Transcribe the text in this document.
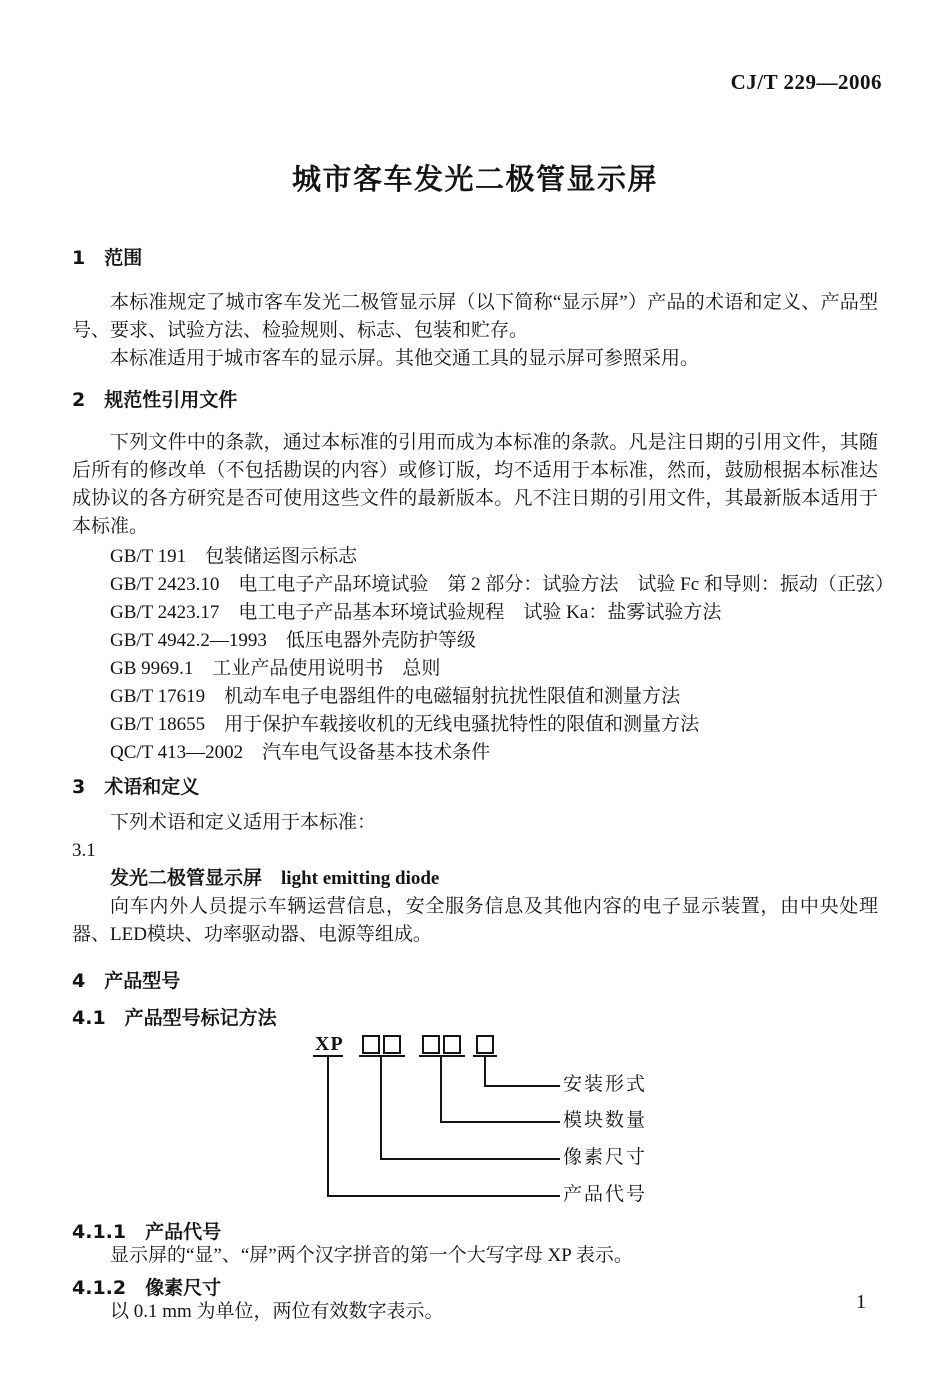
CJ/T 229—2006
城市客车发光二极管显示屏
1　范围

本标准规定了城市客车发光二极管显示屏（以下简称“显示屏”）产品的术语和定义、产品型号、要求、试验方法、检验规则、标志、包装和贮存。

本标准适用于城市客车的显示屏。其他交通工具的显示屏可参照采用。

2　规范性引用文件

下列文件中的条款，通过本标准的引用而成为本标准的条款。凡是注日期的引用文件，其随后所有的修改单（不包括勘误的内容）或修订版，均不适用于本标准，然而，鼓励根据本标准达成协议的各方研究是否可使用这些文件的最新版本。凡不注日期的引用文件，其最新版本适用于本标准。

GB/T 191　包装储运图示标志
GB/T 2423.10　电工电子产品环境试验　第 2 部分：试验方法　试验 Fc 和导则：振动（正弦）
GB/T 2423.17　电工电子产品基本环境试验规程　试验 Ka：盐雾试验方法
GB/T 4942.2—1993　低压电器外壳防护等级
GB 9969.1　工业产品使用说明书　总则
GB/T 17619　机动车电子电器组件的电磁辐射抗扰性限值和测量方法
GB/T 18655　用于保护车载接收机的无线电骚扰特性的限值和测量方法
QC/T 413—2002　汽车电气设备基本技术条件
3　术语和定义

下列术语和定义适用于本标准：

3.1

发光二极管显示屏　 light emitting diode

向车内外人员提示车辆运营信息，安全服务信息及其他内容的电子显示装置，由中央处理器、LED模块、功率驱动器、电源等组成。

4　产品型号
4.1　产品型号标记方法
XP
安装形式
模块数量
像素尺寸
产品代号
4.1.1　产品代号

显示屏的“显”、“屏”两个汉字拼音的第一个大写字母 XP 表示。

4.1.2　像素尺寸

以 0.1 mm 为单位，两位有效数字表示。	1
